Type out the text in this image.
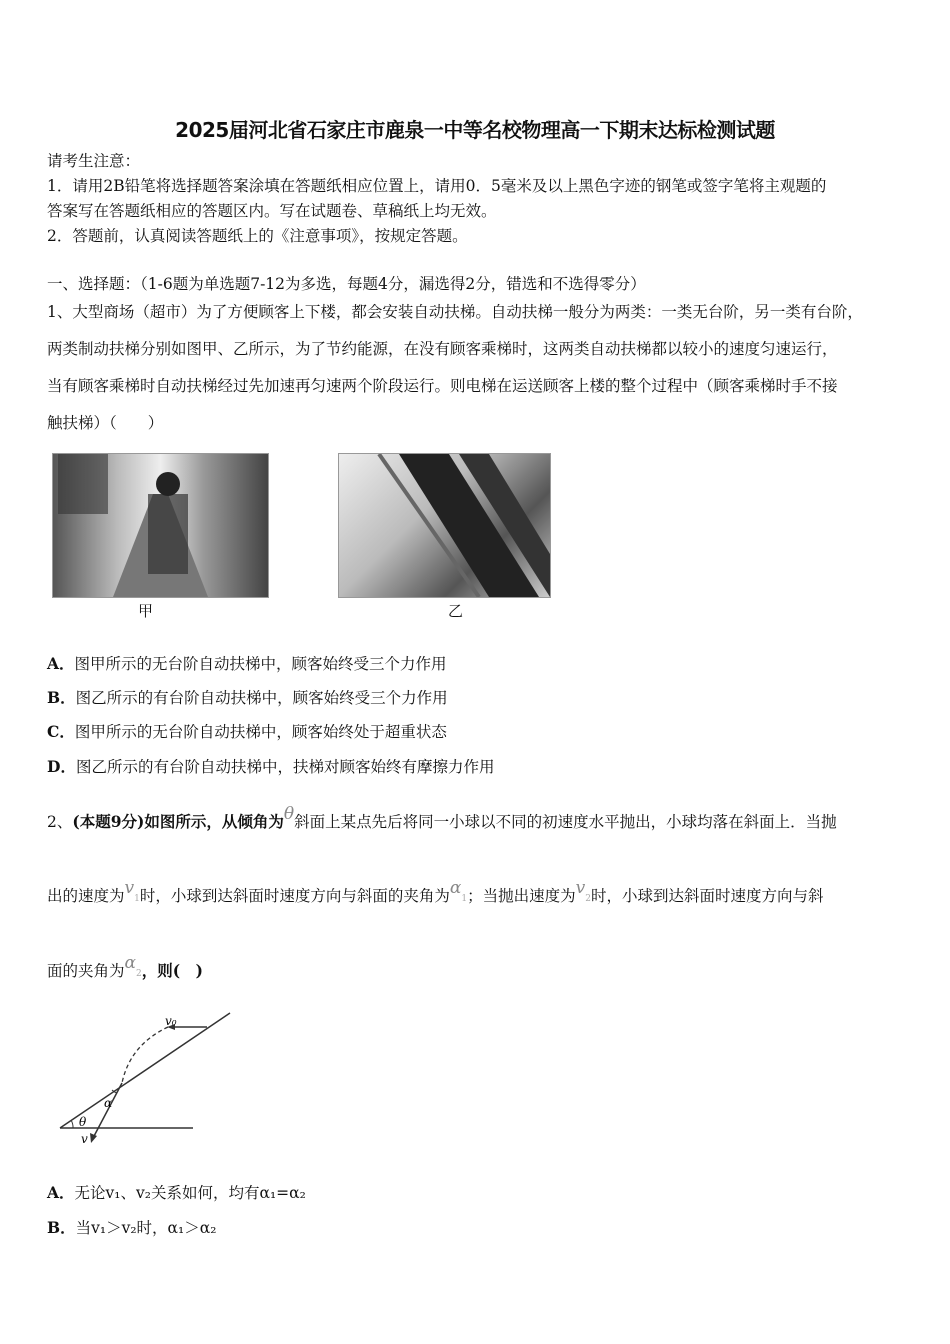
2025届河北省石家庄市鹿泉一中等名校物理高一下期末达标检测试题
请考生注意：
1．请用2B铅笔将选择题答案涂填在答题纸相应位置上，请用0．5毫米及以上黑色字迹的钢笔或签字笔将主观题的
答案写在答题纸相应的答题区内。写在试题卷、草稿纸上均无效。
2．答题前，认真阅读答题纸上的《注意事项》，按规定答题。
一、选择题：（1-6题为单选题7-12为多选，每题4分，漏选得2分，错选和不选得零分）
1、大型商场（超市）为了方便顾客上下楼，都会安装自动扶梯。自动扶梯一般分为两类：一类无台阶，另一类有台阶，
两类制动扶梯分别如图甲、乙所示，为了节约能源，在没有顾客乘梯时，这两类自动扶梯都以较小的速度匀速运行，
当有顾客乘梯时自动扶梯经过先加速再匀速两个阶段运行。则电梯在运送顾客上楼的整个过程中（顾客乘梯时手不接
触扶梯）（　　）
甲	乙
A．图甲所示的无台阶自动扶梯中，顾客始终受三个力作用
B．图乙所示的有台阶自动扶梯中，顾客始终受三个力作用
C．图甲所示的无台阶自动扶梯中，顾客始终处于超重状态
D．图乙所示的有台阶自动扶梯中，扶梯对顾客始终有摩擦力作用
2、(本题9分)如图所示，从倾角为θ斜面上某点先后将同一小球以不同的初速度水平抛出，小球均落在斜面上．当抛
出的速度为v1时，小球到达斜面时速度方向与斜面的夹角为α1；当抛出速度为v2时，小球到达斜面时速度方向与斜
面的夹角为α2，则(　)
v₀
α
θ
v
A．无论v₁、v₂关系如何，均有α₁=α₂
B．当v₁＞v₂时，α₁＞α₂
